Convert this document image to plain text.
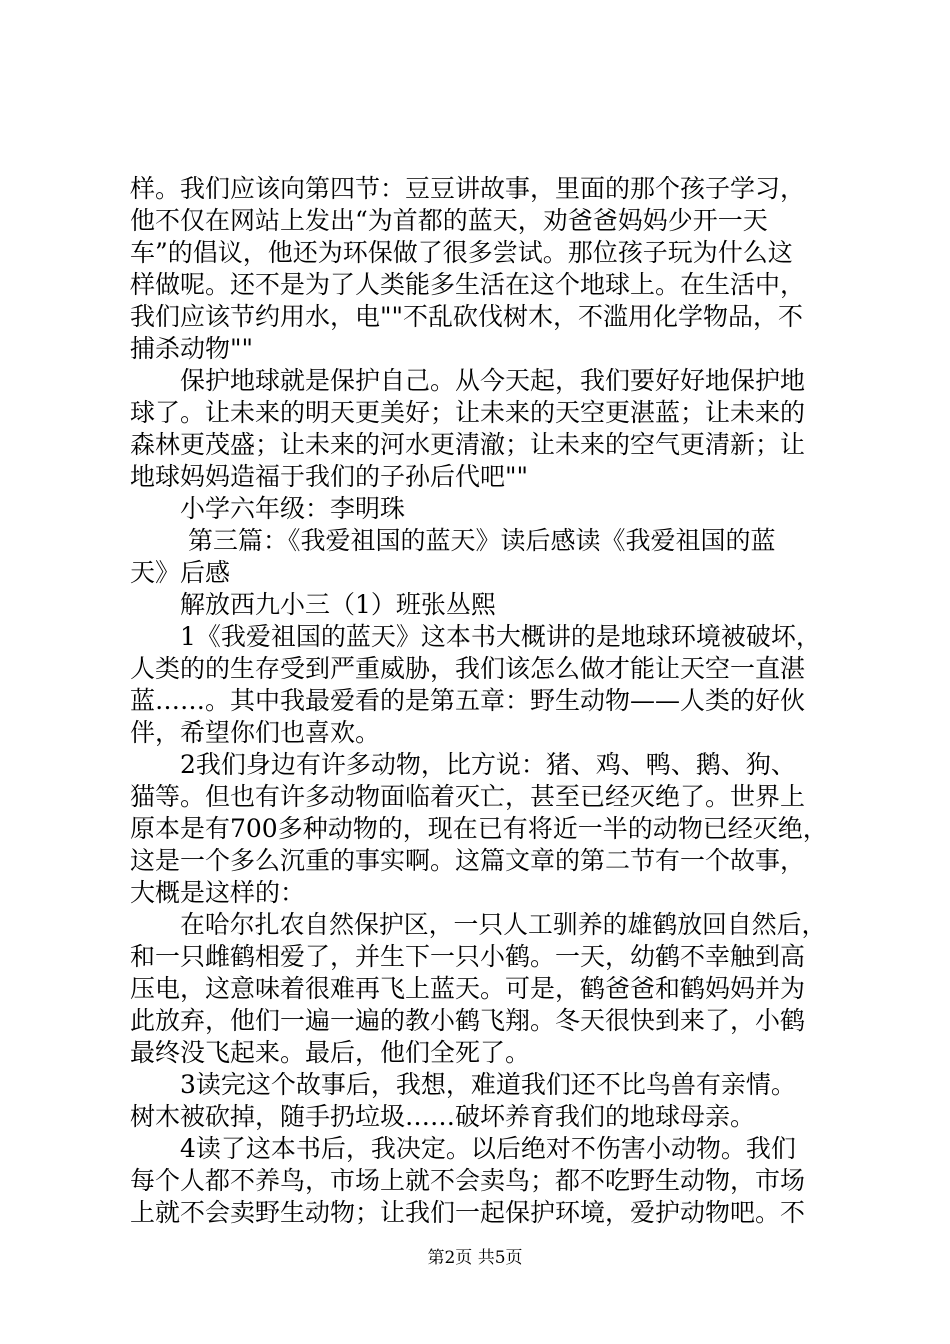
样。我们应该向第四节：豆豆讲故事，里面的那个孩子学习，
他不仅在网站上发出“为首都的蓝天，劝爸爸妈妈少开一天
车”的倡议，他还为环保做了很多尝试。那位孩子玩为什么这
样做呢。还不是为了人类能多生活在这个地球上。在生活中，
我们应该节约用水，电""不乱砍伐树木，不滥用化学物品，不
捕杀动物""
保护地球就是保护自己。从今天起，我们要好好地保护地
球了。让未来的明天更美好；让未来的天空更湛蓝；让未来的
森林更茂盛；让未来的河水更清澈；让未来的空气更清新；让
地球妈妈造福于我们的子孙后代吧""
小学六年级：李明珠
第三篇：《我爱祖国的蓝天》读后感读《我爱祖国的蓝
天》后感
解放西九小三（1）班张丛熙
1《我爱祖国的蓝天》这本书大概讲的是地球环境被破坏，
人类的的生存受到严重威胁，我们该怎么做才能让天空一直湛
蓝……。其中我最爱看的是第五章：野生动物——人类的好伙
伴，希望你们也喜欢。
2我们身边有许多动物，比方说：猪、鸡、鸭、鹅、狗、
猫等。但也有许多动物面临着灭亡，甚至已经灭绝了。世界上
原本是有700多种动物的，现在已有将近一半的动物已经灭绝，
这是一个多么沉重的事实啊。这篇文章的第二节有一个故事，
大概是这样的：
在哈尔扎农自然保护区，一只人工驯养的雄鹤放回自然后，
和一只雌鹤相爱了，并生下一只小鹤。一天，幼鹤不幸触到高
压电，这意味着很难再飞上蓝天。可是，鹤爸爸和鹤妈妈并为
此放弃，他们一遍一遍的教小鹤飞翔。冬天很快到来了，小鹤
最终没飞起来。最后，他们全死了。
3读完这个故事后，我想，难道我们还不比鸟兽有亲情。
树木被砍掉，随手扔垃圾……破坏养育我们的地球母亲。
4读了这本书后，我决定。以后绝对不伤害小动物。我们
每个人都不养鸟，市场上就不会卖鸟；都不吃野生动物，市场
上就不会卖野生动物；让我们一起保护环境，爱护动物吧。不
第2页 共5页
